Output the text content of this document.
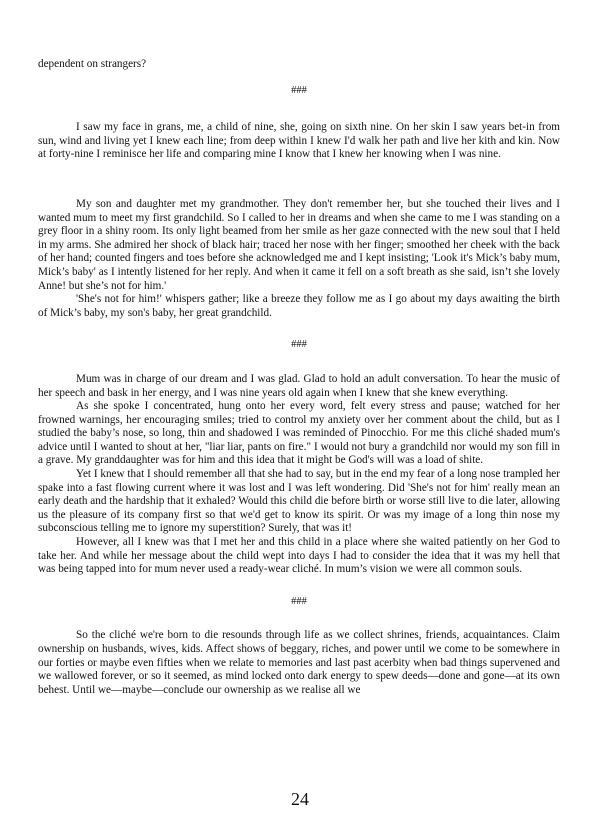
dependent on strangers?

###

I saw my face in grans, me, a child of nine, she, going on sixth nine. On her skin I saw years bet-in from sun, wind and living yet I knew each line; from deep within I knew I'd walk her path and live her kith and kin. Now at forty-nine I reminisce her life and comparing mine I know that I knew her knowing when I was nine.

My son and daughter met my grandmother. They don't remember her, but she touched their lives and I wanted mum to meet my first grandchild. So I called to her in dreams and when she came to me I was standing on a grey floor in a shiny room. Its only light beamed from her smile as her gaze connected with the new soul that I held in my arms. She admired her shock of black hair; traced her nose with her finger; smoothed her cheek with the back of her hand; counted fingers and toes before she acknowledged me and I kept insisting; 'Look it's Mick’s baby mum, Mick’s baby' as I intently listened for her reply. And when it came it fell on a soft breath as she said, isn’t she lovely Anne! but she’s not for him.'

'She's not for him!' whispers gather; like a breeze they follow me as I go about my days awaiting the birth of Mick’s baby, my son's baby, her great grandchild.

###

Mum was in charge of our dream and I was glad. Glad to hold an adult conversation. To hear the music of her speech and bask in her energy, and I was nine years old again when I knew that she knew everything.

As she spoke I concentrated, hung onto her every word, felt every stress and pause; watched for her frowned warnings, her encouraging smiles; tried to control my anxiety over her comment about the child, but as I studied the baby’s nose, so long, thin and shadowed I was reminded of Pinocchio. For me this cliché shaded mum's advice until I wanted to shout at her, "liar liar, pants on fire." I would not bury a grandchild nor would my son fill in a grave. My granddaughter was for him and this idea that it might be God's will was a load of shite.

Yet I knew that I should remember all that she had to say, but in the end my fear of a long nose trampled her spake into a fast flowing current where it was lost and I was left wondering. Did 'She's not for him' really mean an early death and the hardship that it exhaled? Would this child die before birth or worse still live to die later, allowing us the pleasure of its company first so that we'd get to know its spirit. Or was my image of a long thin nose my subconscious telling me to ignore my superstition? Surely, that was it!

However, all I knew was that I met her and this child in a place where she waited patiently on her God to take her. And while her message about the child wept into days I had to consider the idea that it was my hell that was being tapped into for mum never used a ready-wear cliché. In mum’s vision we were all common souls.

###

So the cliché we're born to die resounds through life as we collect shrines, friends, acquaintances. Claim ownership on husbands, wives, kids. Affect shows of beggary, riches, and power until we come to be somewhere in our forties or maybe even fifties when we relate to memories and last past acerbity when bad things supervened and we wallowed forever, or so it seemed, as mind locked onto dark energy to spew deeds—done and gone—at its own behest. Until we—maybe—conclude our ownership as we realise all we

24
